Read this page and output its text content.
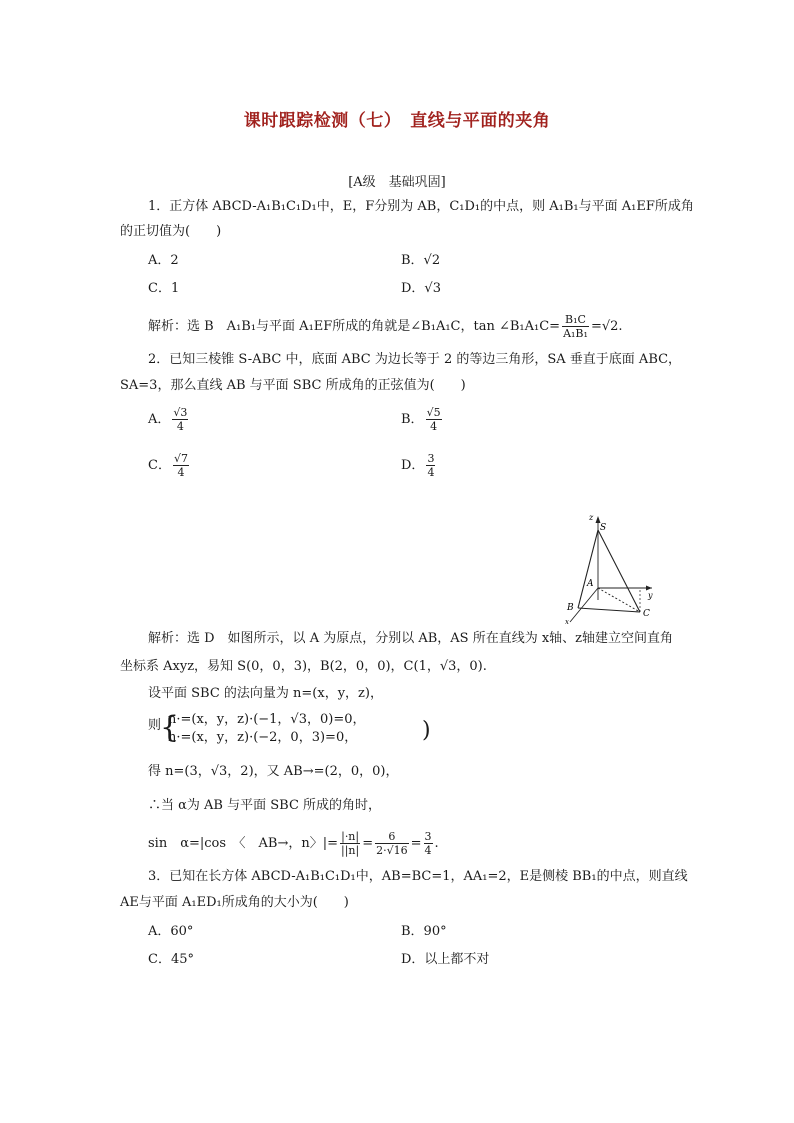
课时跟踪检测（七）　直线与平面的夹角
[A级　基础巩固]
1．正方体 ABCD-A₁B₁C₁D₁中，E，F分别为 AB，C₁D₁的中点，则 A₁B₁与平面 A₁EF所成角
的正切值为(　　)
A．2	B．√2
C．1	D．√3
解析：选 B　A₁B₁与平面 A₁EF所成的角就是∠B₁A₁C，tan ∠B₁A₁C= $\frac{\text{B₁C}}{\text{A₁B₁}} =√2$.
2．已知三棱锥 S-ABC 中，底面 ABC 为边长等于 2 的等边三角形，SA 垂直于底面 ABC，
SA=3，那么直线 AB 与平面 SBC 所成角的正弦值为(　　)
A． $\frac{√3}{4}$	B． $\frac{√5}{4}$
C． $\frac{√7}{4}$	D． $\frac{3}{4}$
z
S
A
y
B
C
x
解析：选 D　如图所示，以 A 为原点，分别以 AB，AS 所在直线为 x轴、z轴建立空间直角
坐标系 Axyz，易知 S(0，0，3)，B(2，0，0)，C(1，√3，0).
设平面 SBC 的法向量为 n=(x，y，z)，
则
{
n·=(x，y，z)·(−1，√3，0)=0，
n·=(x，y，z)·(−2，0，3)=0，	)
得 n=(3，√3，2)，又 AB→=(2，0，0)，
∴当 α为 AB 与平面 SBC 所成的角时，
sin　α=|cos　〈　AB→，n〉|= $\frac{|\cdot n|}{||n|} = \frac{6}{2\cdot√16} = \frac{3}{4}$ .
3．已知在长方体 ABCD-A₁B₁C₁D₁中，AB=BC=1，AA₁=2，E是侧棱 BB₁的中点，则直线
AE与平面 A₁ED₁所成角的大小为(　　)
A．60°	B．90°
C．45°	D．以上都不对
